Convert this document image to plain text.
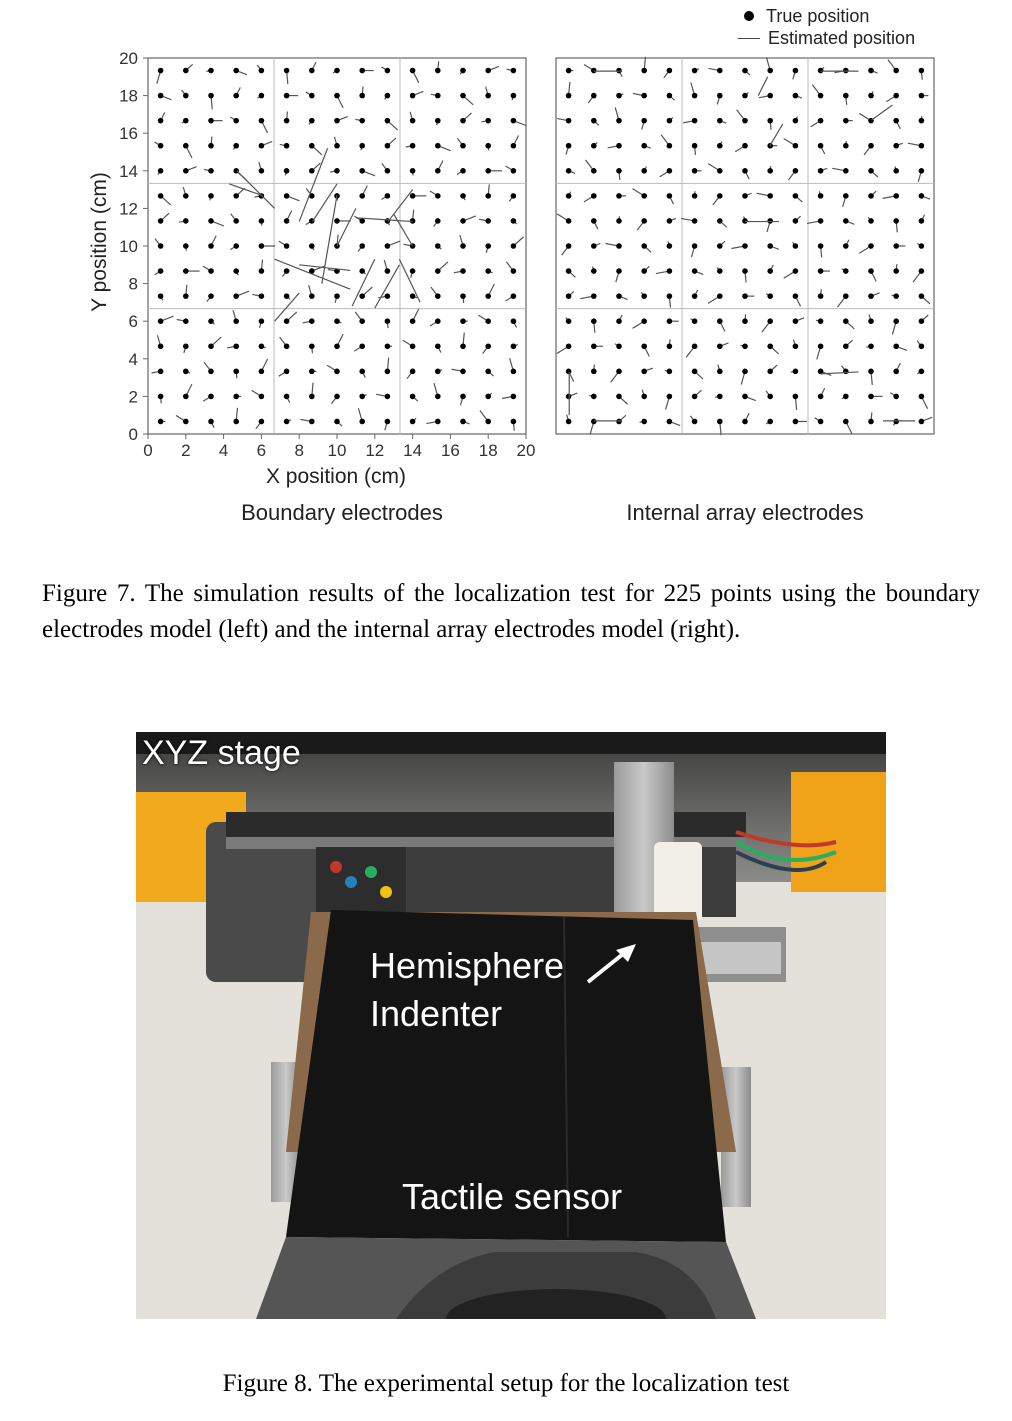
True position
Estimated position
0 2 4 6 8 10 12 14 16 18 20
0
2
4
6
8
10
12
14
16
18
20
Y position (cm)
X position (cm)
Boundary electrodes	Internal array electrodes
Figure 7. The simulation results of the localization test for 225 points using the boundary electrodes model (left) and the internal array electrodes model (right).
XYZ stage
Hemisphere
Indenter
Tactile sensor
Figure 8. The experimental setup for the localization test
